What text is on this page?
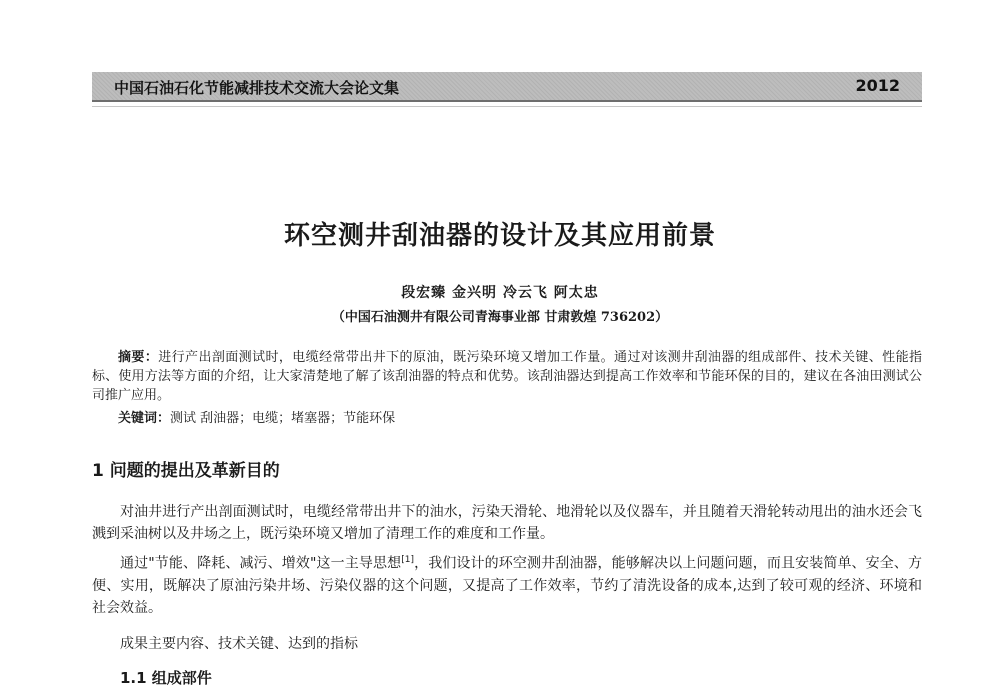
中国石油石化节能减排技术交流大会论文集	2012
环空测井刮油器的设计及其应用前景
段宏臻 金兴明 冷云飞 阿太忠
（中国石油测井有限公司青海事业部 甘肃敦煌 736202）
摘要：进行产出剖面测试时，电缆经常带出井下的原油，既污染环境又增加工作量。通过对该测井刮油器的组成部件、技术关键、性能指标、使用方法等方面的介绍，让大家清楚地了解了该刮油器的特点和优势。该刮油器达到提高工作效率和节能环保的目的，建议在各油田测试公司推广应用。
关键词：测试 刮油器；电缆；堵塞器；节能环保
1 问题的提出及革新目的
对油井进行产出剖面测试时，电缆经常带出井下的油水，污染天滑轮、地滑轮以及仪器车，并且随着天滑轮转动甩出的油水还会飞溅到采油树以及井场之上，既污染环境又增加了清理工作的难度和工作量。
通过"节能、降耗、减污、增效"这一主导思想[1]，我们设计的环空测井刮油器，能够解决以上问题问题，而且安装简单、安全、方便、实用，既解决了原油污染井场、污染仪器的这个问题，又提高了工作效率，节约了清洗设备的成本,达到了较可观的经济、环境和社会效益。
成果主要内容、技术关键、达到的指标
1.1 组成部件
